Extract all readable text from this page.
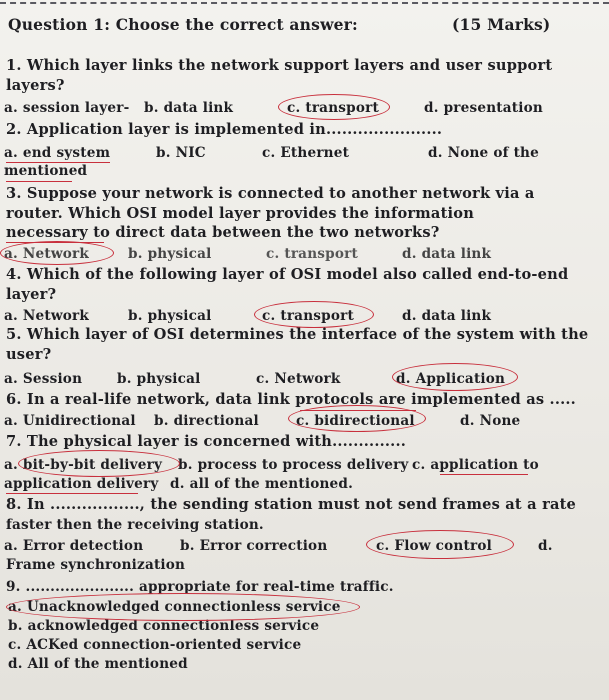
Question 1: Choose the correct answer:	(15 Marks)
1. Which layer links the network support layers and user support
layers?
a. session layer- b. data link	c. transport	d. presentation
2. Application layer is implemented in......................
a. end system	b. NIC	c. Ethernet	d. None of the
mentioned
3. Suppose your network is connected to another network via a
router. Which OSI model layer provides the information
necessary to direct data between the two networks?
a. Network	b. physical	c. transport	d. data link
4. Which of the following layer of OSI model also called end-to-end
layer?
a. Network	b. physical	c. transport	d. data link
5. Which layer of OSI determines the interface of the system with the
user?
a. Session	b. physical	c. Network	d. Application
6. In a real-life network, data link protocols are implemented as .....
a. Unidirectional b. directional	c. bidirectional	d. None
7. The physical layer is concerned with..............
a. bit-by-bit delivery b. process to process delivery c. application to
application delivery d. all of the mentioned.
8. In ................., the sending station must not send frames at a rate
faster then the receiving station.
a. Error detection	b. Error correction	c. Flow control	d.
Frame synchronization
9. ...................... appropriate for real-time traffic.
a. Unacknowledged connectionless service
b. acknowledged connectionless service
c. ACKed connection-oriented service
d. All of the mentioned
